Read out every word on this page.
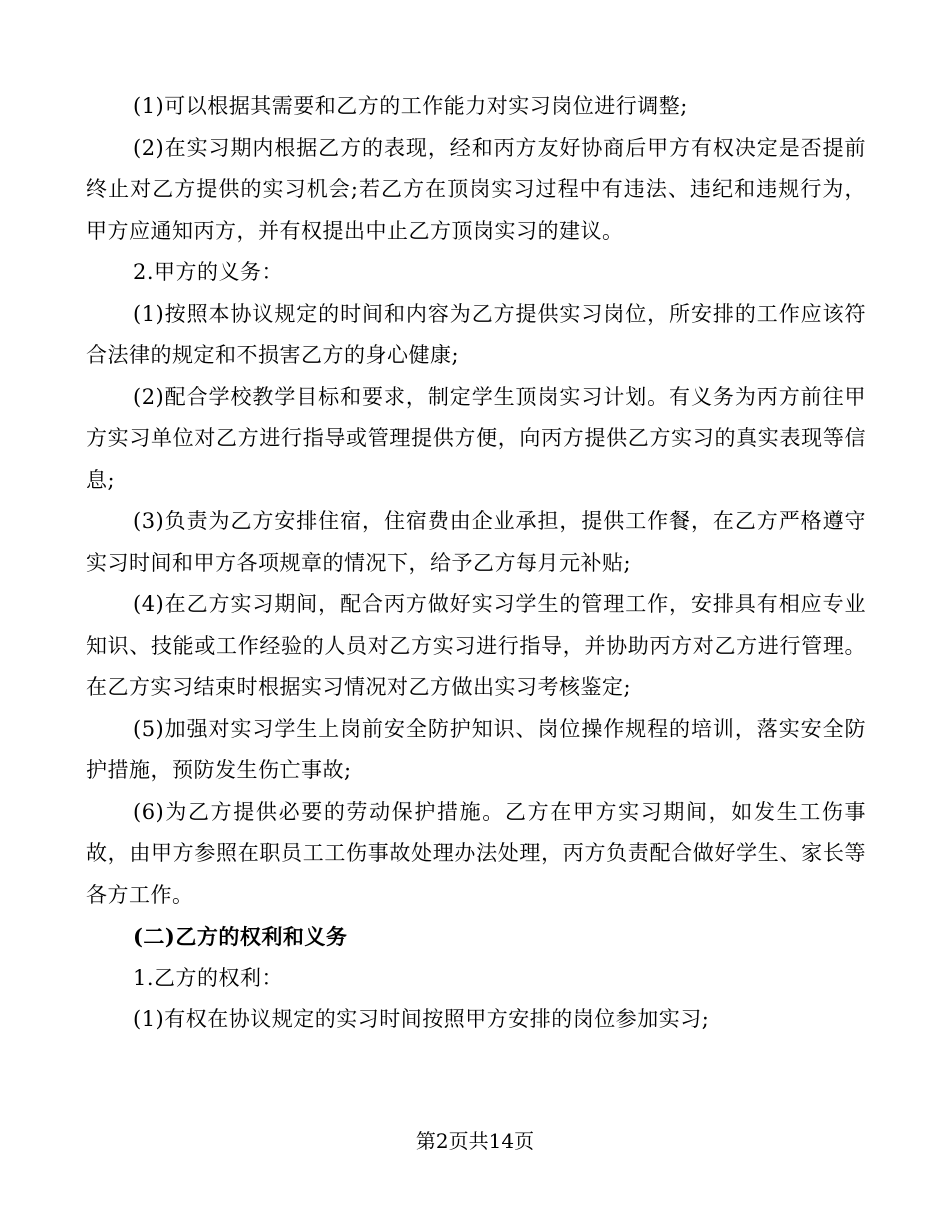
(1)可以根据其需要和乙方的工作能力对实习岗位进行调整;

(2)在实习期内根据乙方的表现，经和丙方友好协商后甲方有权决定是否提前终止对乙方提供的实习机会;若乙方在顶岗实习过程中有违法、违纪和违规行为，甲方应通知丙方，并有权提出中止乙方顶岗实习的建议。

2.甲方的义务：

(1)按照本协议规定的时间和内容为乙方提供实习岗位，所安排的工作应该符合法律的规定和不损害乙方的身心健康;

(2)配合学校教学目标和要求，制定学生顶岗实习计划。有义务为丙方前往甲方实习单位对乙方进行指导或管理提供方便，向丙方提供乙方实习的真实表现等信息;

(3)负责为乙方安排住宿，住宿费由企业承担，提供工作餐，在乙方严格遵守实习时间和甲方各项规章的情况下，给予乙方每月元补贴;

(4)在乙方实习期间，配合丙方做好实习学生的管理工作，安排具有相应专业知识、技能或工作经验的人员对乙方实习进行指导，并协助丙方对乙方进行管理。在乙方实习结束时根据实习情况对乙方做出实习考核鉴定;

(5)加强对实习学生上岗前安全防护知识、岗位操作规程的培训，落实安全防护措施，预防发生伤亡事故;

(6)为乙方提供必要的劳动保护措施。乙方在甲方实习期间，如发生工伤事故，由甲方参照在职员工工伤事故处理办法处理，丙方负责配合做好学生、家长等各方工作。

(二)乙方的权利和义务

1.乙方的权利：

(1)有权在协议规定的实习时间按照甲方安排的岗位参加实习;

第2页共14页
